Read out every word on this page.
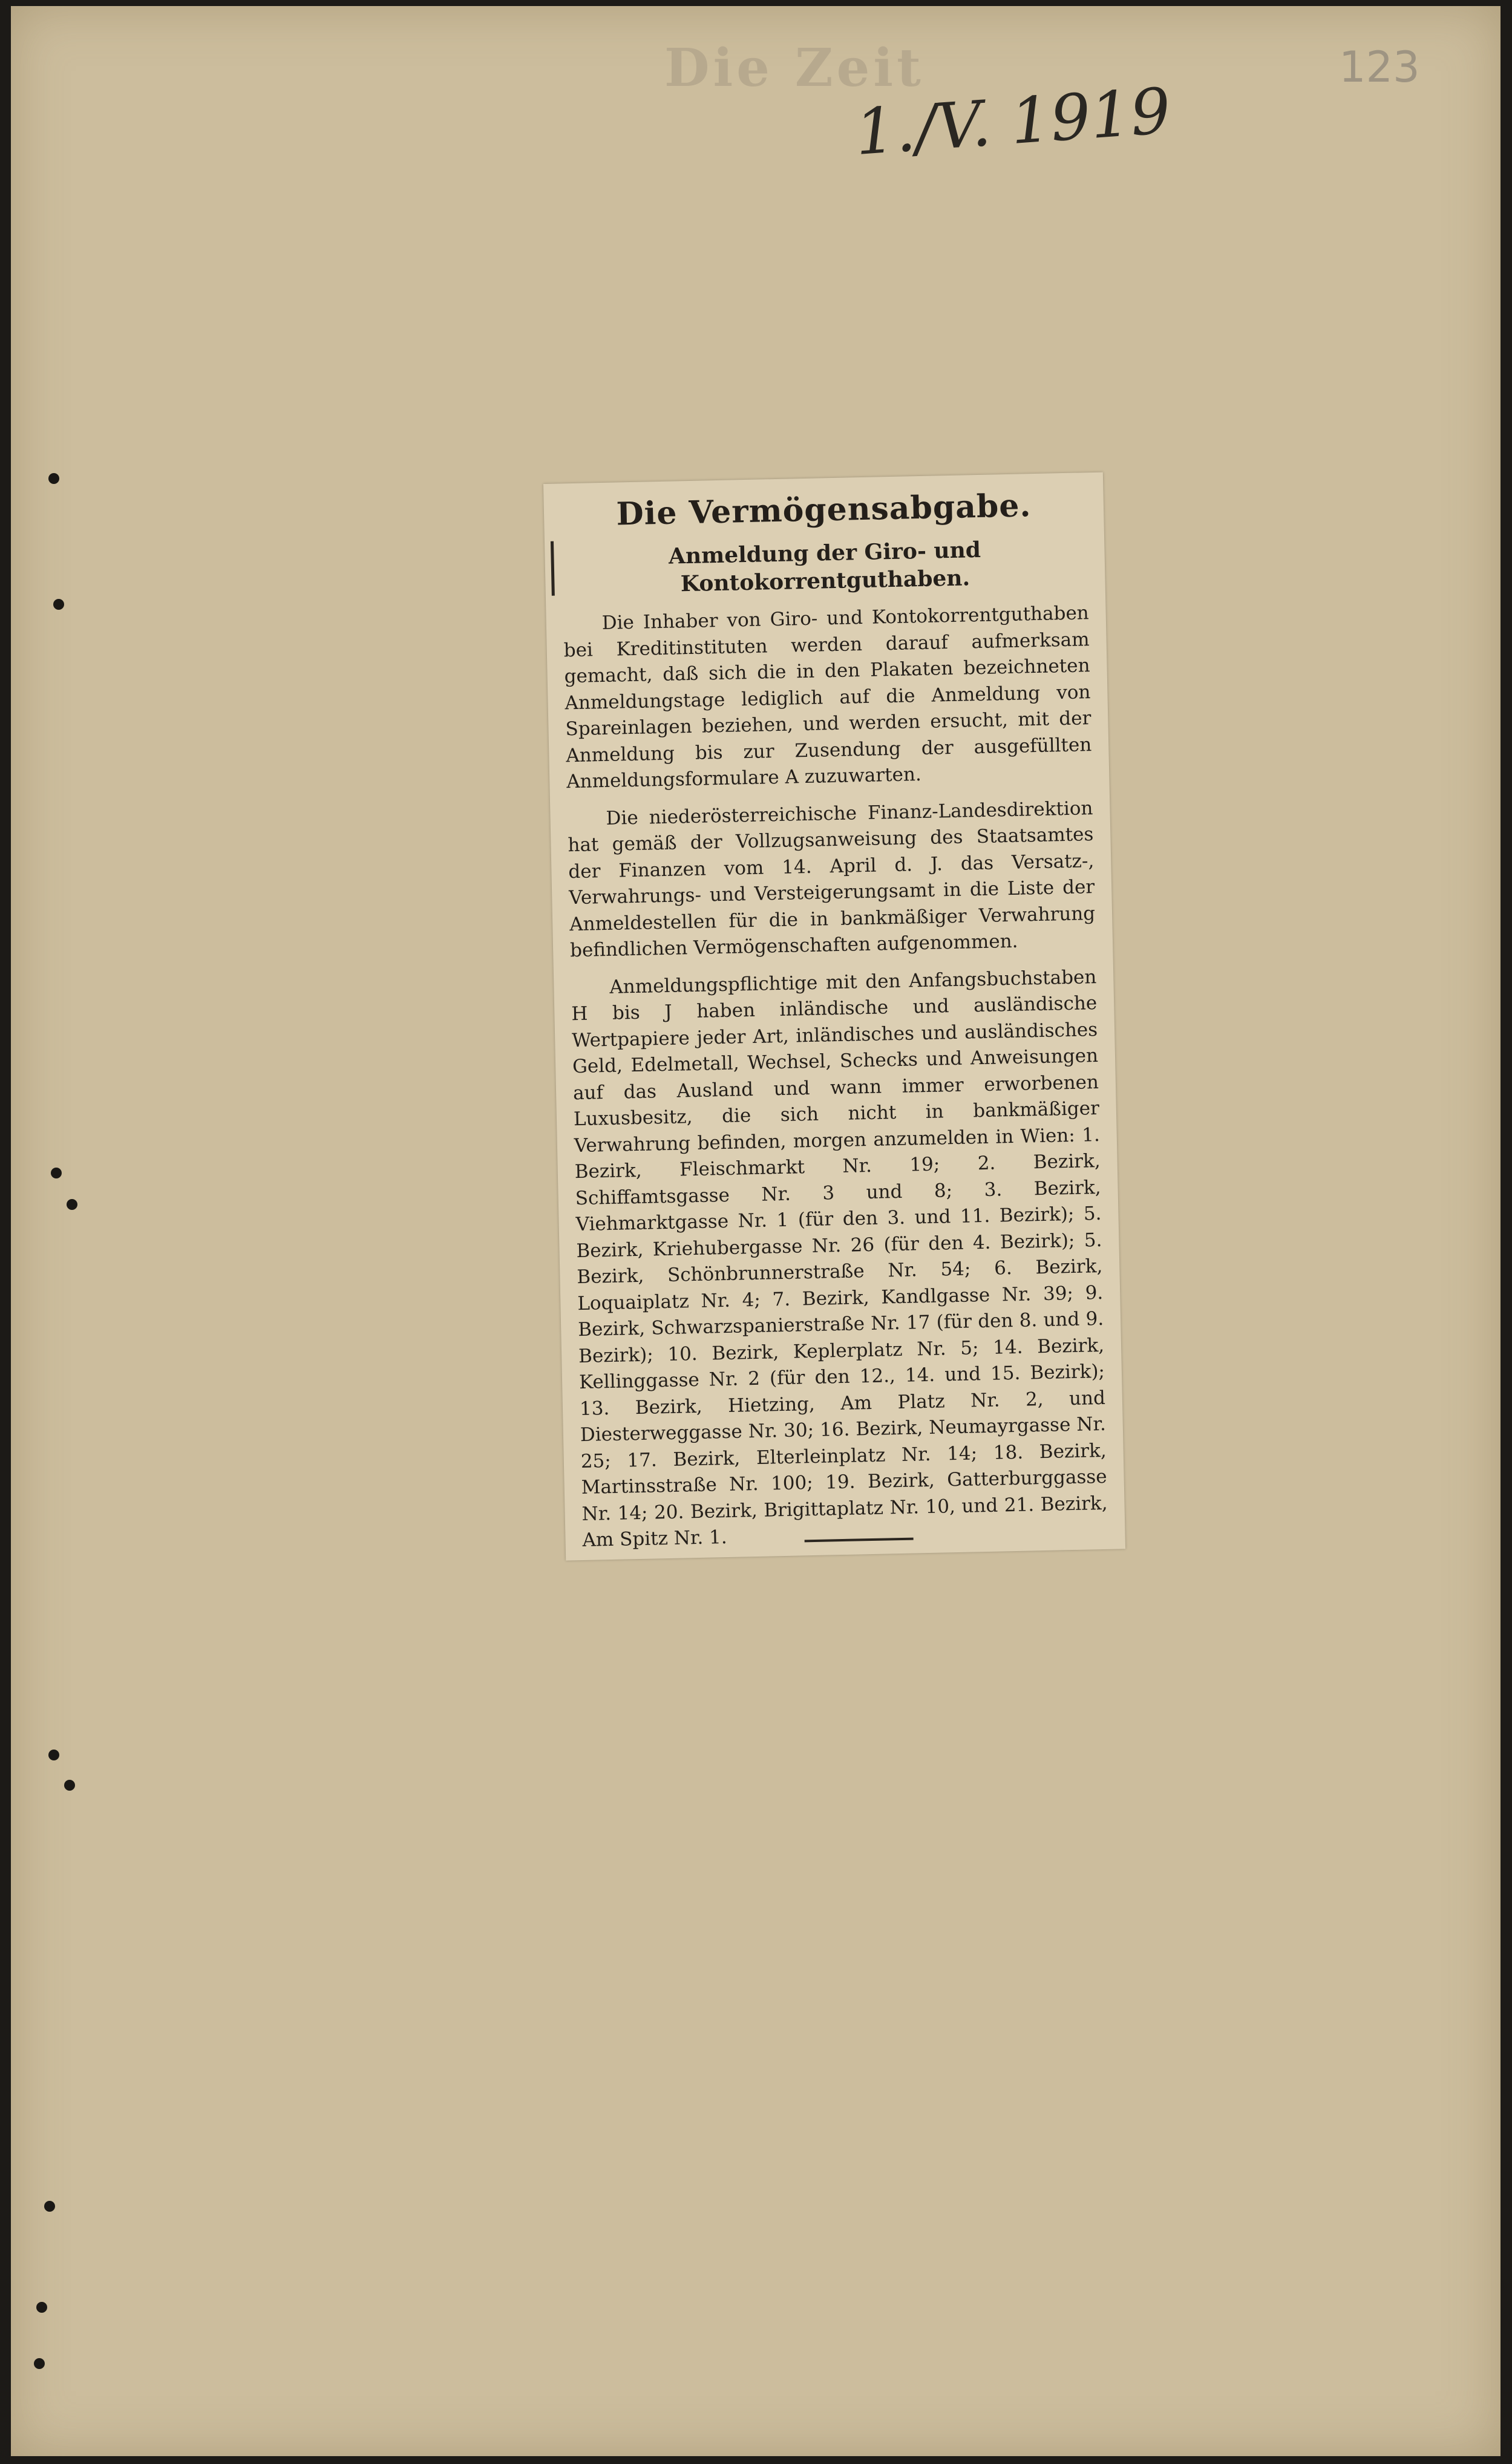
Die Zeit
1./V. 1919
123
Die Vermögensabgabe.
Anmeldung der Giro- und Kontokorrentguthaben.

Die Inhaber von Giro- und Kontokorrentguthaben bei Kreditinstituten werden darauf aufmerksam gemacht, daß sich die in den Plakaten bezeichneten Anmeldungstage lediglich auf die Anmeldung von Spareinlagen beziehen, und werden ersucht, mit der Anmeldung bis zur Zusendung der ausgefüllten Anmeldungsformulare A zuzuwarten.

Die niederösterreichische Finanz-Landesdirektion hat gemäß der Vollzugsanweisung des Staatsamtes der Finanzen vom 14. April d. J. das Versatz-, Verwahrungs- und Versteigerungsamt in die Liste der Anmeldestellen für die in bankmäßiger Verwahrung befindlichen Vermögenschaften aufgenommen.

Anmeldungspflichtige mit den Anfangsbuchstaben H bis J haben inländische und ausländische Wertpapiere jeder Art, inländisches und ausländisches Geld, Edelmetall, Wechsel, Schecks und Anweisungen auf das Ausland und wann immer erworbenen Luxusbesitz, die sich nicht in bankmäßiger Verwahrung befinden, morgen anzumelden in Wien: 1. Bezirk, Fleischmarkt Nr. 19; 2. Bezirk, Schiffamtsgasse Nr. 3 und 8; 3. Bezirk, Viehmarktgasse Nr. 1 (für den 3. und 11. Bezirk); 5. Bezirk, Kriehubergasse Nr. 26 (für den 4. Bezirk); 5. Bezirk, Schönbrunnerstraße Nr. 54; 6. Bezirk, Loquaiplatz Nr. 4; 7. Bezirk, Kandlgasse Nr. 39; 9. Bezirk, Schwarzspanierstraße Nr. 17 (für den 8. und 9. Bezirk); 10. Bezirk, Keplerplatz Nr. 5; 14. Bezirk, Kellinggasse Nr. 2 (für den 12., 14. und 15. Bezirk); 13. Bezirk, Hietzing, Am Platz Nr. 2, und Diesterweggasse Nr. 30; 16. Bezirk, Neumayrgasse Nr. 25; 17. Bezirk, Elterleinplatz Nr. 14; 18. Bezirk, Martinsstraße Nr. 100; 19. Bezirk, Gatterburggasse Nr. 14; 20. Bezirk, Brigittaplatz Nr. 10, und 21. Bezirk, Am Spitz Nr. 1.
